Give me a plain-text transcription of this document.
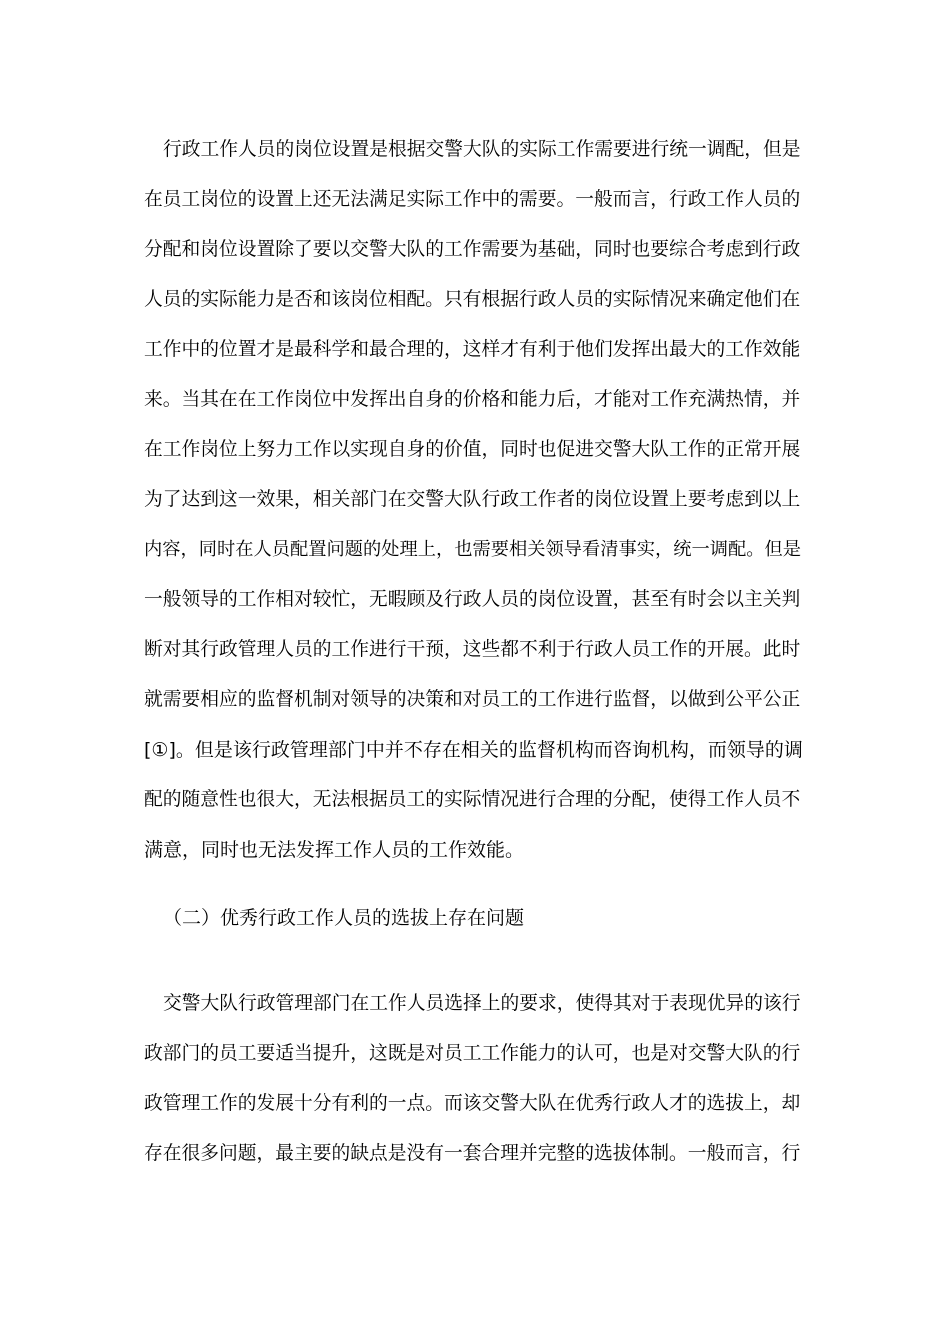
行政工作人员的岗位设置是根据交警大队的实际工作需要进行统一调配，但是
在员工岗位的设置上还无法满足实际工作中的需要。一般而言，行政工作人员的
分配和岗位设置除了要以交警大队的工作需要为基础，同时也要综合考虑到行政
人员的实际能力是否和该岗位相配。只有根据行政人员的实际情况来确定他们在
工作中的位置才是最科学和最合理的，这样才有利于他们发挥出最大的工作效能
来。当其在在工作岗位中发挥出自身的价格和能力后，才能对工作充满热情，并
在工作岗位上努力工作以实现自身的价值，同时也促进交警大队工作的正常开展
为了达到这一效果，相关部门在交警大队行政工作者的岗位设置上要考虑到以上
内容，同时在人员配置问题的处理上，也需要相关领导看清事实，统一调配。但是
一般领导的工作相对较忙，无暇顾及行政人员的岗位设置，甚至有时会以主关判
断对其行政管理人员的工作进行干预，这些都不利于行政人员工作的开展。此时
就需要相应的监督机制对领导的决策和对员工的工作进行监督，以做到公平公正
[①]。但是该行政管理部门中并不存在相关的监督机构而咨询机构，而领导的调
配的随意性也很大，无法根据员工的实际情况进行合理的分配，使得工作人员不
满意，同时也无法发挥工作人员的工作效能。
（二）优秀行政工作人员的选拔上存在问题
交警大队行政管理部门在工作人员选择上的要求，使得其对于表现优异的该行
政部门的员工要适当提升，这既是对员工工作能力的认可，也是对交警大队的行
政管理工作的发展十分有利的一点。而该交警大队在优秀行政人才的选拔上，却
存在很多问题，最主要的缺点是没有一套合理并完整的选拔体制。一般而言，行
